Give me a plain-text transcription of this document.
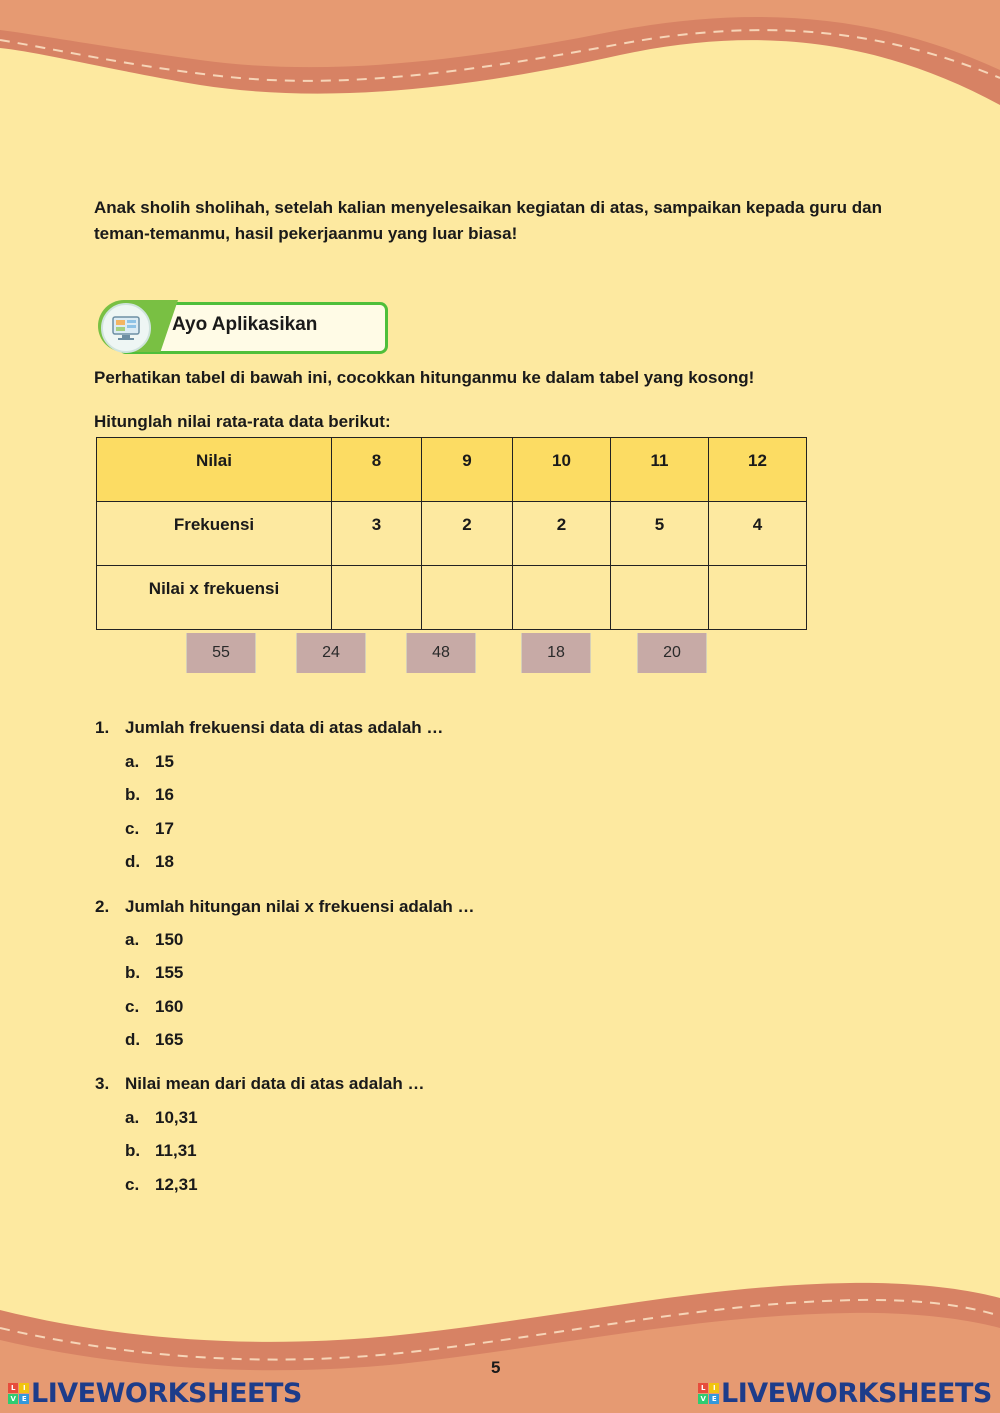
Anak sholih sholihah, setelah kalian menyelesaikan kegiatan di atas, sampaikan kepada guru dan teman-temanmu, hasil pekerjaanmu yang luar biasa!

Ayo Aplikasikan

Perhatikan tabel di bawah ini, cocokkan hitunganmu ke dalam tabel yang kosong!

Hitunglah nilai rata-rata data berikut:

Nilai	8	9	10	11	12
Frekuensi	3	2	2	5	4
Nilai x frekuensi					
55	24	48	18	20
1. Jumlah frekuensi data di atas adalah …
a. 15
b. 16
c. 17
d. 18
2. Jumlah hitungan nilai x frekuensi adalah …
a. 150
b. 155
c. 160
d. 165
3. Nilai mean dari data di atas adalah …
a. 10,31
b. 11,31
c. 12,31
5
L	I
V E LIVEWORKSHEETS	L	I
V E LIVEWORKSHEETS
